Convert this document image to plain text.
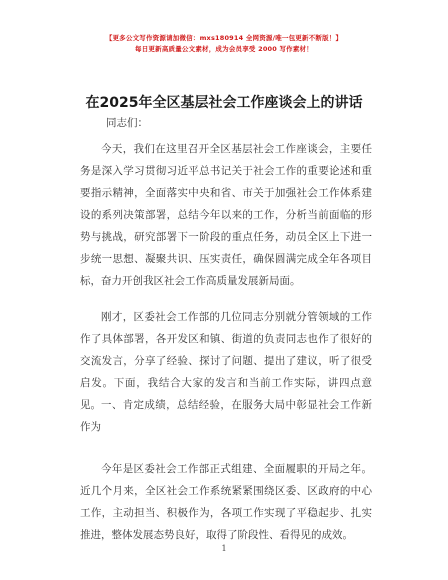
【更多公文写作资源请加微信：mxs180914 全网资源/唯一包更新不断版！】
每日更新高质量公文素材，成为会员享受 2000 写作素材！
在2025年全区基层社会工作座谈会上的讲话
同志们：

今天，我们在这里召开全区基层社会工作座谈会，主要任务是深入学习贯彻习近平总书记关于社会工作的重要论述和重要指示精神，全面落实中央和省、市关于加强社会工作体系建设的系列决策部署，总结今年以来的工作，分析当前面临的形势与挑战，研究部署下一阶段的重点任务，动员全区上下进一步统一思想、凝聚共识、压实责任，确保圆满完成全年各项目标，奋力开创我区社会工作高质量发展新局面。

刚才，区委社会工作部的几位同志分别就分管领域的工作作了具体部署，各开发区和镇、街道的负责同志也作了很好的交流发言，分享了经验、探讨了问题、提出了建议，听了很受启发。下面，我结合大家的发言和当前工作实际，讲四点意见。 一、肯定成绩，总结经验，在服务大局中彰显社会工作新作为

今年是区委社会工作部正式组建、全面履职的开局之年。近几个月来，全区社会工作系统紧紧围绕区委、区政府的中心工作，主动担当、积极作为，各项工作实现了平稳起步、扎实推进，整体发展态势良好，取得了阶段性、看得见的成效。

1
